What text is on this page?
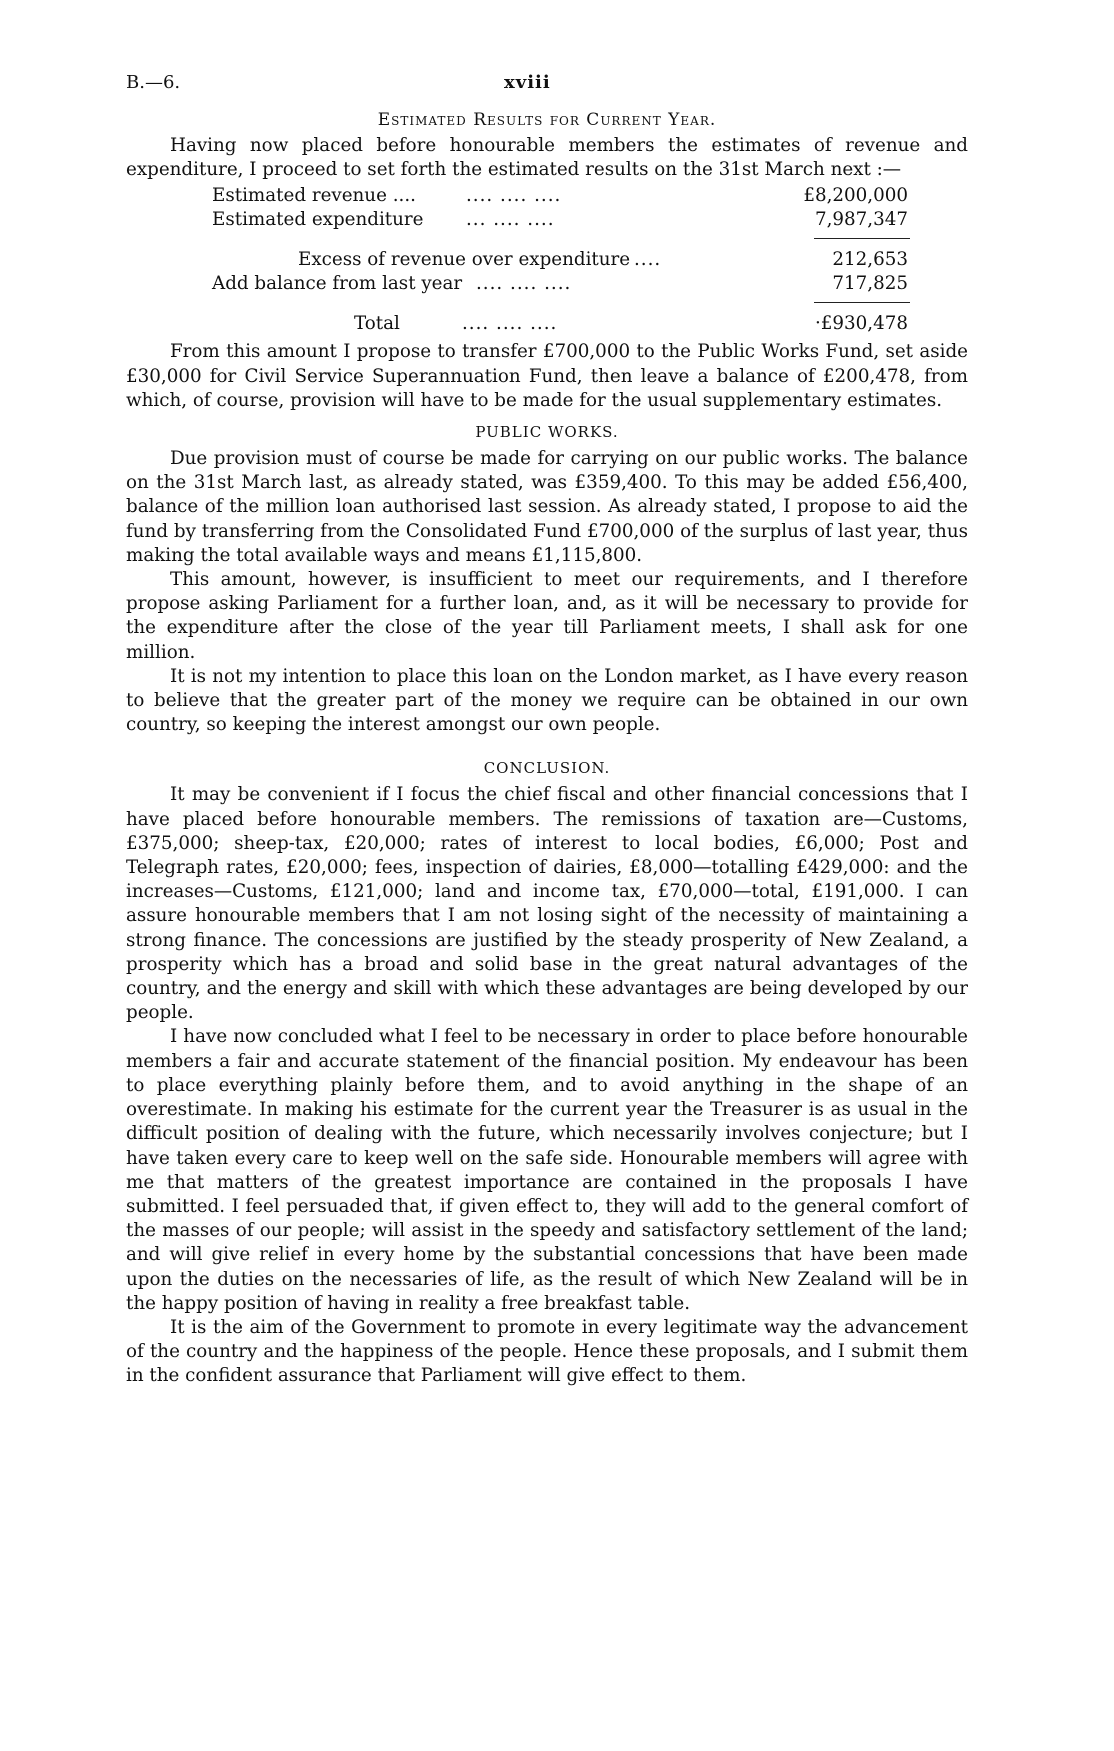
B.—6.	xviii
Estimated Results for Current Year.

Having now placed before honourable members the estimates of revenue and expenditure, I proceed to set forth the estimated results on the 31st March next :—

Estimated revenue ....	.... .... ....	£8,200,000
Estimated expenditure ... .... ....	7,987,347
Excess of revenue over expenditure ....	212,653
Add balance from last year .... .... ....	717,825
Total	.... .... ....	·£930,478

From this amount I propose to transfer £700,000 to the Public Works Fund, set aside £30,000 for Civil Service Superannuation Fund, then leave a balance of £200,478, from which, of course, provision will have to be made for the usual supplementary estimates.

PUBLIC WORKS.

Due provision must of course be made for carrying on our public works. The balance on the 31st March last, as already stated, was £359,400. To this may be added £56,400, balance of the million loan authorised last session. As already stated, I propose to aid the fund by transferring from the Consolidated Fund £700,000 of the surplus of last year, thus making the total available ways and means £1,115,800.

This amount, however, is insufficient to meet our requirements, and I therefore propose asking Parliament for a further loan, and, as it will be necessary to provide for the expenditure after the close of the year till Parliament meets, I shall ask for one million.

It is not my intention to place this loan on the London market, as I have every reason to believe that the greater part of the money we require can be obtained in our own country, so keeping the interest amongst our own people.

CONCLUSION.

It may be convenient if I focus the chief fiscal and other financial concessions that I have placed before honourable members. The remissions of taxation are—Customs, £375,000; sheep-tax, £20,000; rates of interest to local bodies, £6,000; Post and Telegraph rates, £20,000; fees, inspection of dairies, £8,000—totalling £429,000: and the increases—Customs, £121,000; land and income tax, £70,000—total, £191,000. I can assure honourable members that I am not losing sight of the necessity of maintaining a strong finance. The concessions are justified by the steady prosperity of New Zealand, a prosperity which has a broad and solid base in the great natural advantages of the country, and the energy and skill with which these advantages are being developed by our people.

I have now concluded what I feel to be necessary in order to place before honourable members a fair and accurate statement of the financial position. My endeavour has been to place everything plainly before them, and to avoid anything in the shape of an overestimate. In making his estimate for the current year the Treasurer is as usual in the difficult position of dealing with the future, which necessarily involves conjecture; but I have taken every care to keep well on the safe side. Honourable members will agree with me that matters of the greatest importance are contained in the proposals I have submitted. I feel persuaded that, if given effect to, they will add to the general comfort of the masses of our people; will assist in the speedy and satisfactory settlement of the land; and will give relief in every home by the substantial concessions that have been made upon the duties on the necessaries of life, as the result of which New Zealand will be in the happy position of having in reality a free breakfast table.

It is the aim of the Government to promote in every legitimate way the advancement of the country and the happiness of the people. Hence these proposals, and I submit them in the confident assurance that Parliament will give effect to them.
